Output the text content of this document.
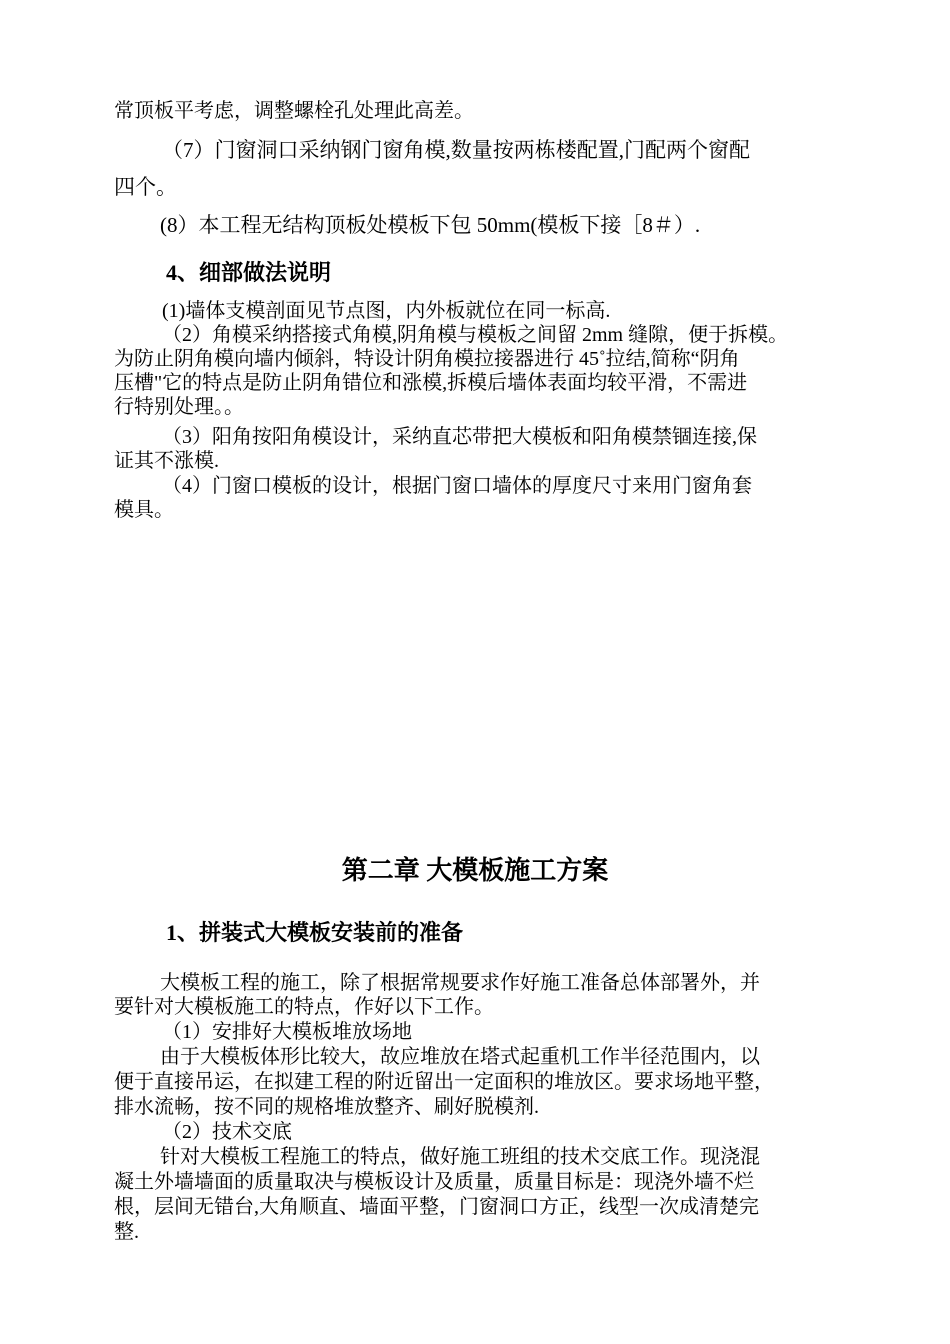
常顶板平考虑，调整螺栓孔处理此高差。
（7）门窗洞口采纳钢门窗角模,数量按两栋楼配置,门配两个窗配
四个。
(8）本工程无结构顶板处模板下包 50mm(模板下接［8＃）.
4、细部做法说明
(1)墙体支模剖面见节点图，内外板就位在同一标高.
（2）角模采纳搭接式角模,阴角模与模板之间留 2mm 缝隙，便于拆模。
为防止阴角模向墙内倾斜，特设计阴角模拉接器进行 45˚拉结,简称“阴角
压槽"它的特点是防止阴角错位和涨模,拆模后墙体表面均较平滑，不需进
行特别处理。。
（3）阳角按阳角模设计，采纳直芯带把大模板和阳角模禁锢连接,保
证其不涨模.
（4）门窗口模板的设计，根据门窗口墙体的厚度尺寸来用门窗角套
模具。
第二章 大模板施工方案
1、拼装式大模板安装前的准备
大模板工程的施工，除了根据常规要求作好施工准备总体部署外，并
要针对大模板施工的特点，作好以下工作。
（1）安排好大模板堆放场地
由于大模板体形比较大，故应堆放在塔式起重机工作半径范围内，以
便于直接吊运，在拟建工程的附近留出一定面积的堆放区。要求场地平整，
排水流畅，按不同的规格堆放整齐、刷好脱模剂.
（2）技术交底
针对大模板工程施工的特点，做好施工班组的技术交底工作。现浇混
凝土外墙墙面的质量取决与模板设计及质量，质量目标是：现浇外墙不烂
根，层间无错台,大角顺直、墙面平整，门窗洞口方正，线型一次成清楚完
整.
